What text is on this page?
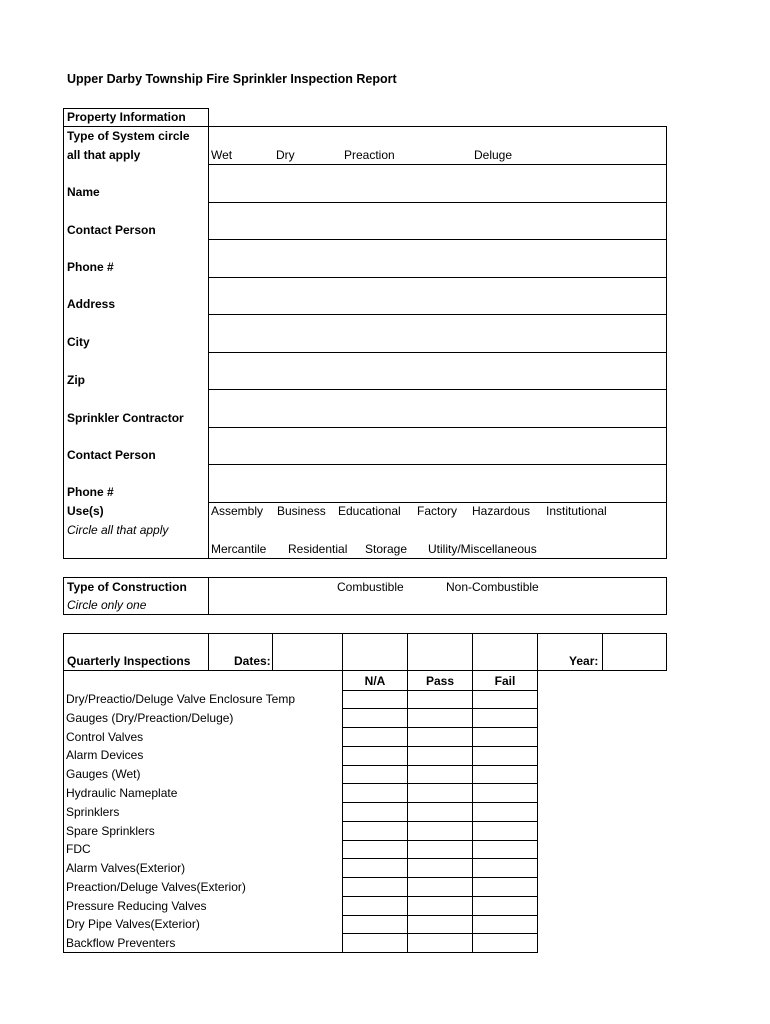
Upper Darby Township Fire Sprinkler Inspection Report
Property Information
Type of System circle
all that apply	Wet	Dry	Preaction	Deluge
Name
Contact Person
Phone #
Address
City
Zip
Sprinkler Contractor
Contact Person
Phone #
Use(s)
Circle all that apply
Assembly Business Educational Factory Hazardous Institutional
Mercantile Residential Storage Utility/Miscellaneous
Type of Construction
Circle only one
Combustible	Non-Combustible
Quarterly Inspections	Dates:	Year:
N/A	Pass	Fail
Dry/Preactio/Deluge Valve Enclosure Temp
Gauges (Dry/Preaction/Deluge)
Control Valves
Alarm Devices
Gauges (Wet)
Hydraulic Nameplate
Sprinklers
Spare Sprinklers
FDC
Alarm Valves(Exterior)
Preaction/Deluge Valves(Exterior)
Pressure Reducing Valves
Dry Pipe Valves(Exterior)
Backflow Preventers
